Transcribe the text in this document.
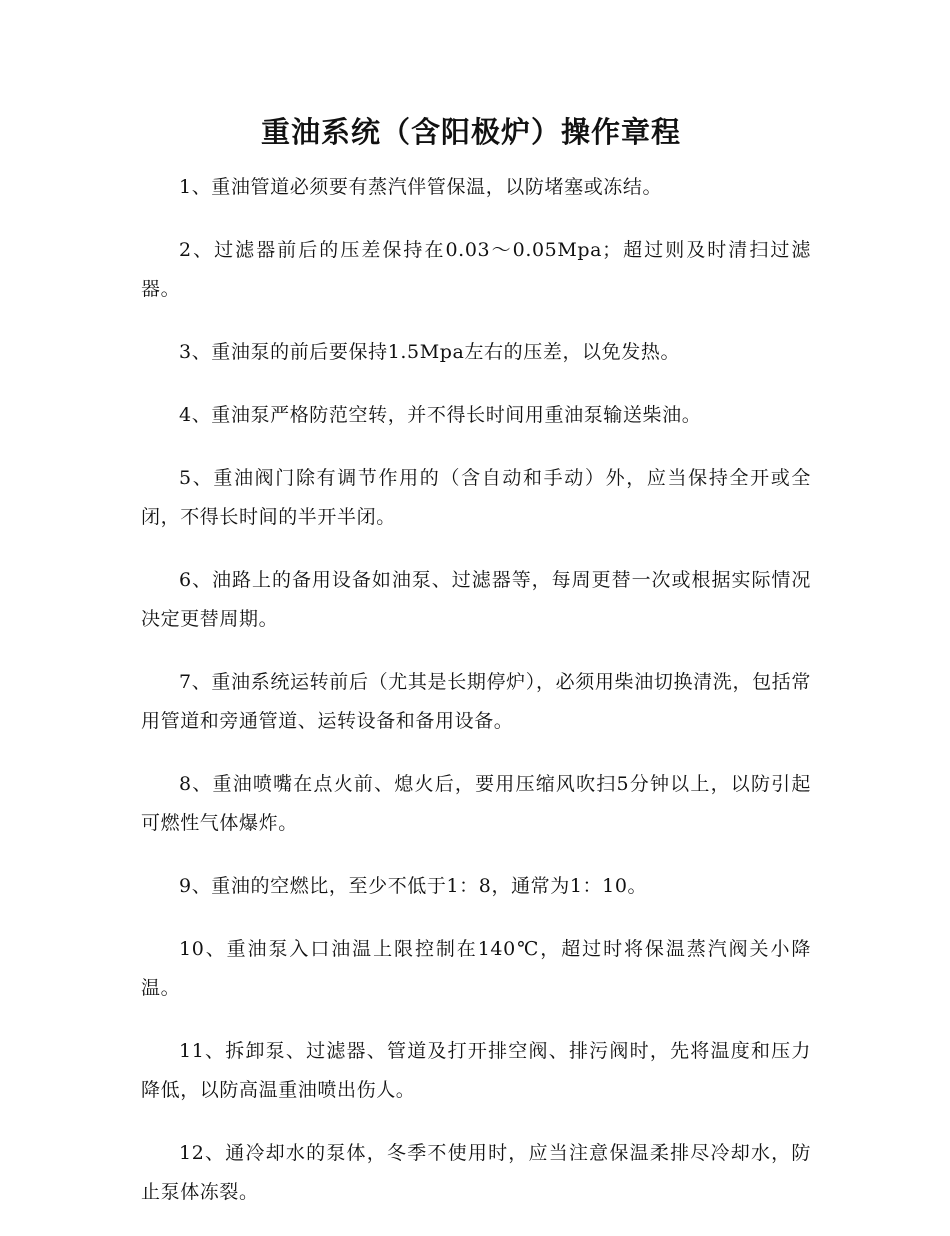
重油系统（含阳极炉）操作章程

1、重油管道必须要有蒸汽伴管保温，以防堵塞或冻结。

2、过滤器前后的压差保持在0.03～0.05Mpa；超过则及时清扫过滤器。

3、重油泵的前后要保持1.5Mpa左右的压差，以免发热。

4、重油泵严格防范空转，并不得长时间用重油泵输送柴油。

5、重油阀门除有调节作用的（含自动和手动）外，应当保持全开或全闭，不得长时间的半开半闭。

6、油路上的备用设备如油泵、过滤器等，每周更替一次或根据实际情况决定更替周期。

7、重油系统运转前后（尤其是长期停炉），必须用柴油切换清洗，包括常用管道和旁通管道、运转设备和备用设备。

8、重油喷嘴在点火前、熄火后，要用压缩风吹扫5分钟以上，以防引起可燃性气体爆炸。

9、重油的空燃比，至少不低于1：8，通常为1：10。

10、重油泵入口油温上限控制在140℃，超过时将保温蒸汽阀关小降温。

11、拆卸泵、过滤器、管道及打开排空阀、排污阀时，先将温度和压力降低，以防高温重油喷出伤人。

12、通冷却水的泵体，冬季不使用时，应当注意保温柔排尽冷却水，防止泵体冻裂。
